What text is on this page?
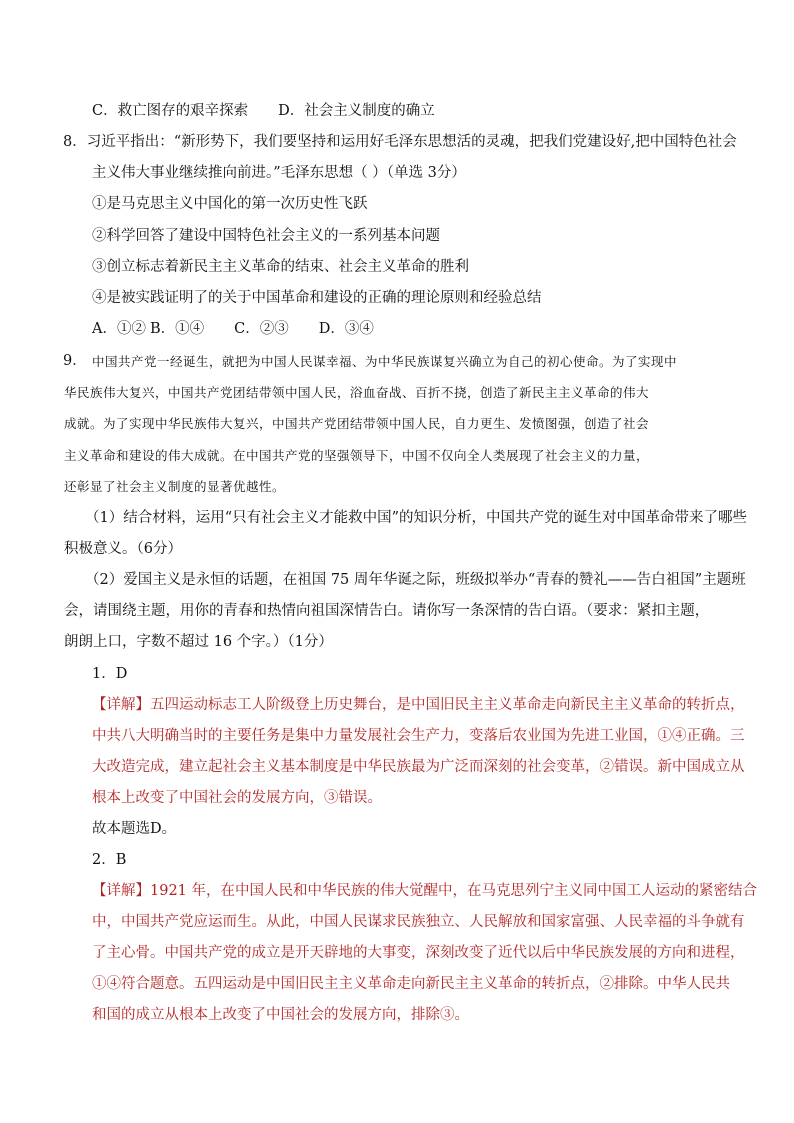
C．救亡图存的艰辛探索 D．社会主义制度的确立
8．习近平指出：“新形势下，我们要坚持和运用好毛泽东思想活的灵魂，把我们党建设好,把中国特色社会
主义伟大事业继续推向前进。”毛泽东思想（ ）（单选 3分）
①是马克思主义中国化的第一次历史性飞跃
②科学回答了建设中国特色社会主义的一系列基本问题
③创立标志着新民主主义革命的结束、社会主义革命的胜利
④是被实践证明了的关于中国革命和建设的正确的理论原则和经验总结
A．①② B．①④ C．②③ D．③④
9． 中国共产党一经诞生，就把为中国人民谋幸福、为中华民族谋复兴确立为自己的初心使命。为了实现中
华民族伟大复兴，中国共产党团结带领中国人民，浴血奋战、百折不挠，创造了新民主主义革命的伟大
成就。为了实现中华民族伟大复兴，中国共产党团结带领中国人民，自力更生、发愤图强，创造了社会
主义革命和建设的伟大成就。在中国共产党的坚强领导下，中国不仅向全人类展现了社会主义的力量，
还彰显了社会主义制度的显著优越性。
（1）结合材料，运用“只有社会主义才能救中国”的知识分析，中国共产党的诞生对中国革命带来了哪些
积极意义。（6分）
（2）爱国主义是永恒的话题，在祖国 75 周年华诞之际，班级拟举办“青春的赞礼——告白祖国”主题班
会，请围绕主题，用你的青春和热情向祖国深情告白。请你写一条深情的告白语。（要求：紧扣主题，
朗朗上口，字数不超过 16 个字。）（1分）
1．D
【详解】五四运动标志工人阶级登上历史舞台，是中国旧民主主义革命走向新民主主义革命的转折点，
中共八大明确当时的主要任务是集中力量发展社会生产力，变落后农业国为先进工业国，①④正确。三
大改造完成，建立起社会主义基本制度是中华民族最为广泛而深刻的社会变革，②错误。新中国成立从
根本上改变了中国社会的发展方向，③错误。
故本题选D。
2．B
【详解】1921 年，在中国人民和中华民族的伟大觉醒中，在马克思列宁主义同中国工人运动的紧密结合
中，中国共产党应运而生。从此，中国人民谋求民族独立、人民解放和国家富强、人民幸福的斗争就有
了主心骨。中国共产党的成立是开天辟地的大事变，深刻改变了近代以后中华民族发展的方向和进程，
①④符合题意。五四运动是中国旧民主主义革命走向新民主主义革命的转折点，②排除。中华人民共
和国的成立从根本上改变了中国社会的发展方向，排除③。
